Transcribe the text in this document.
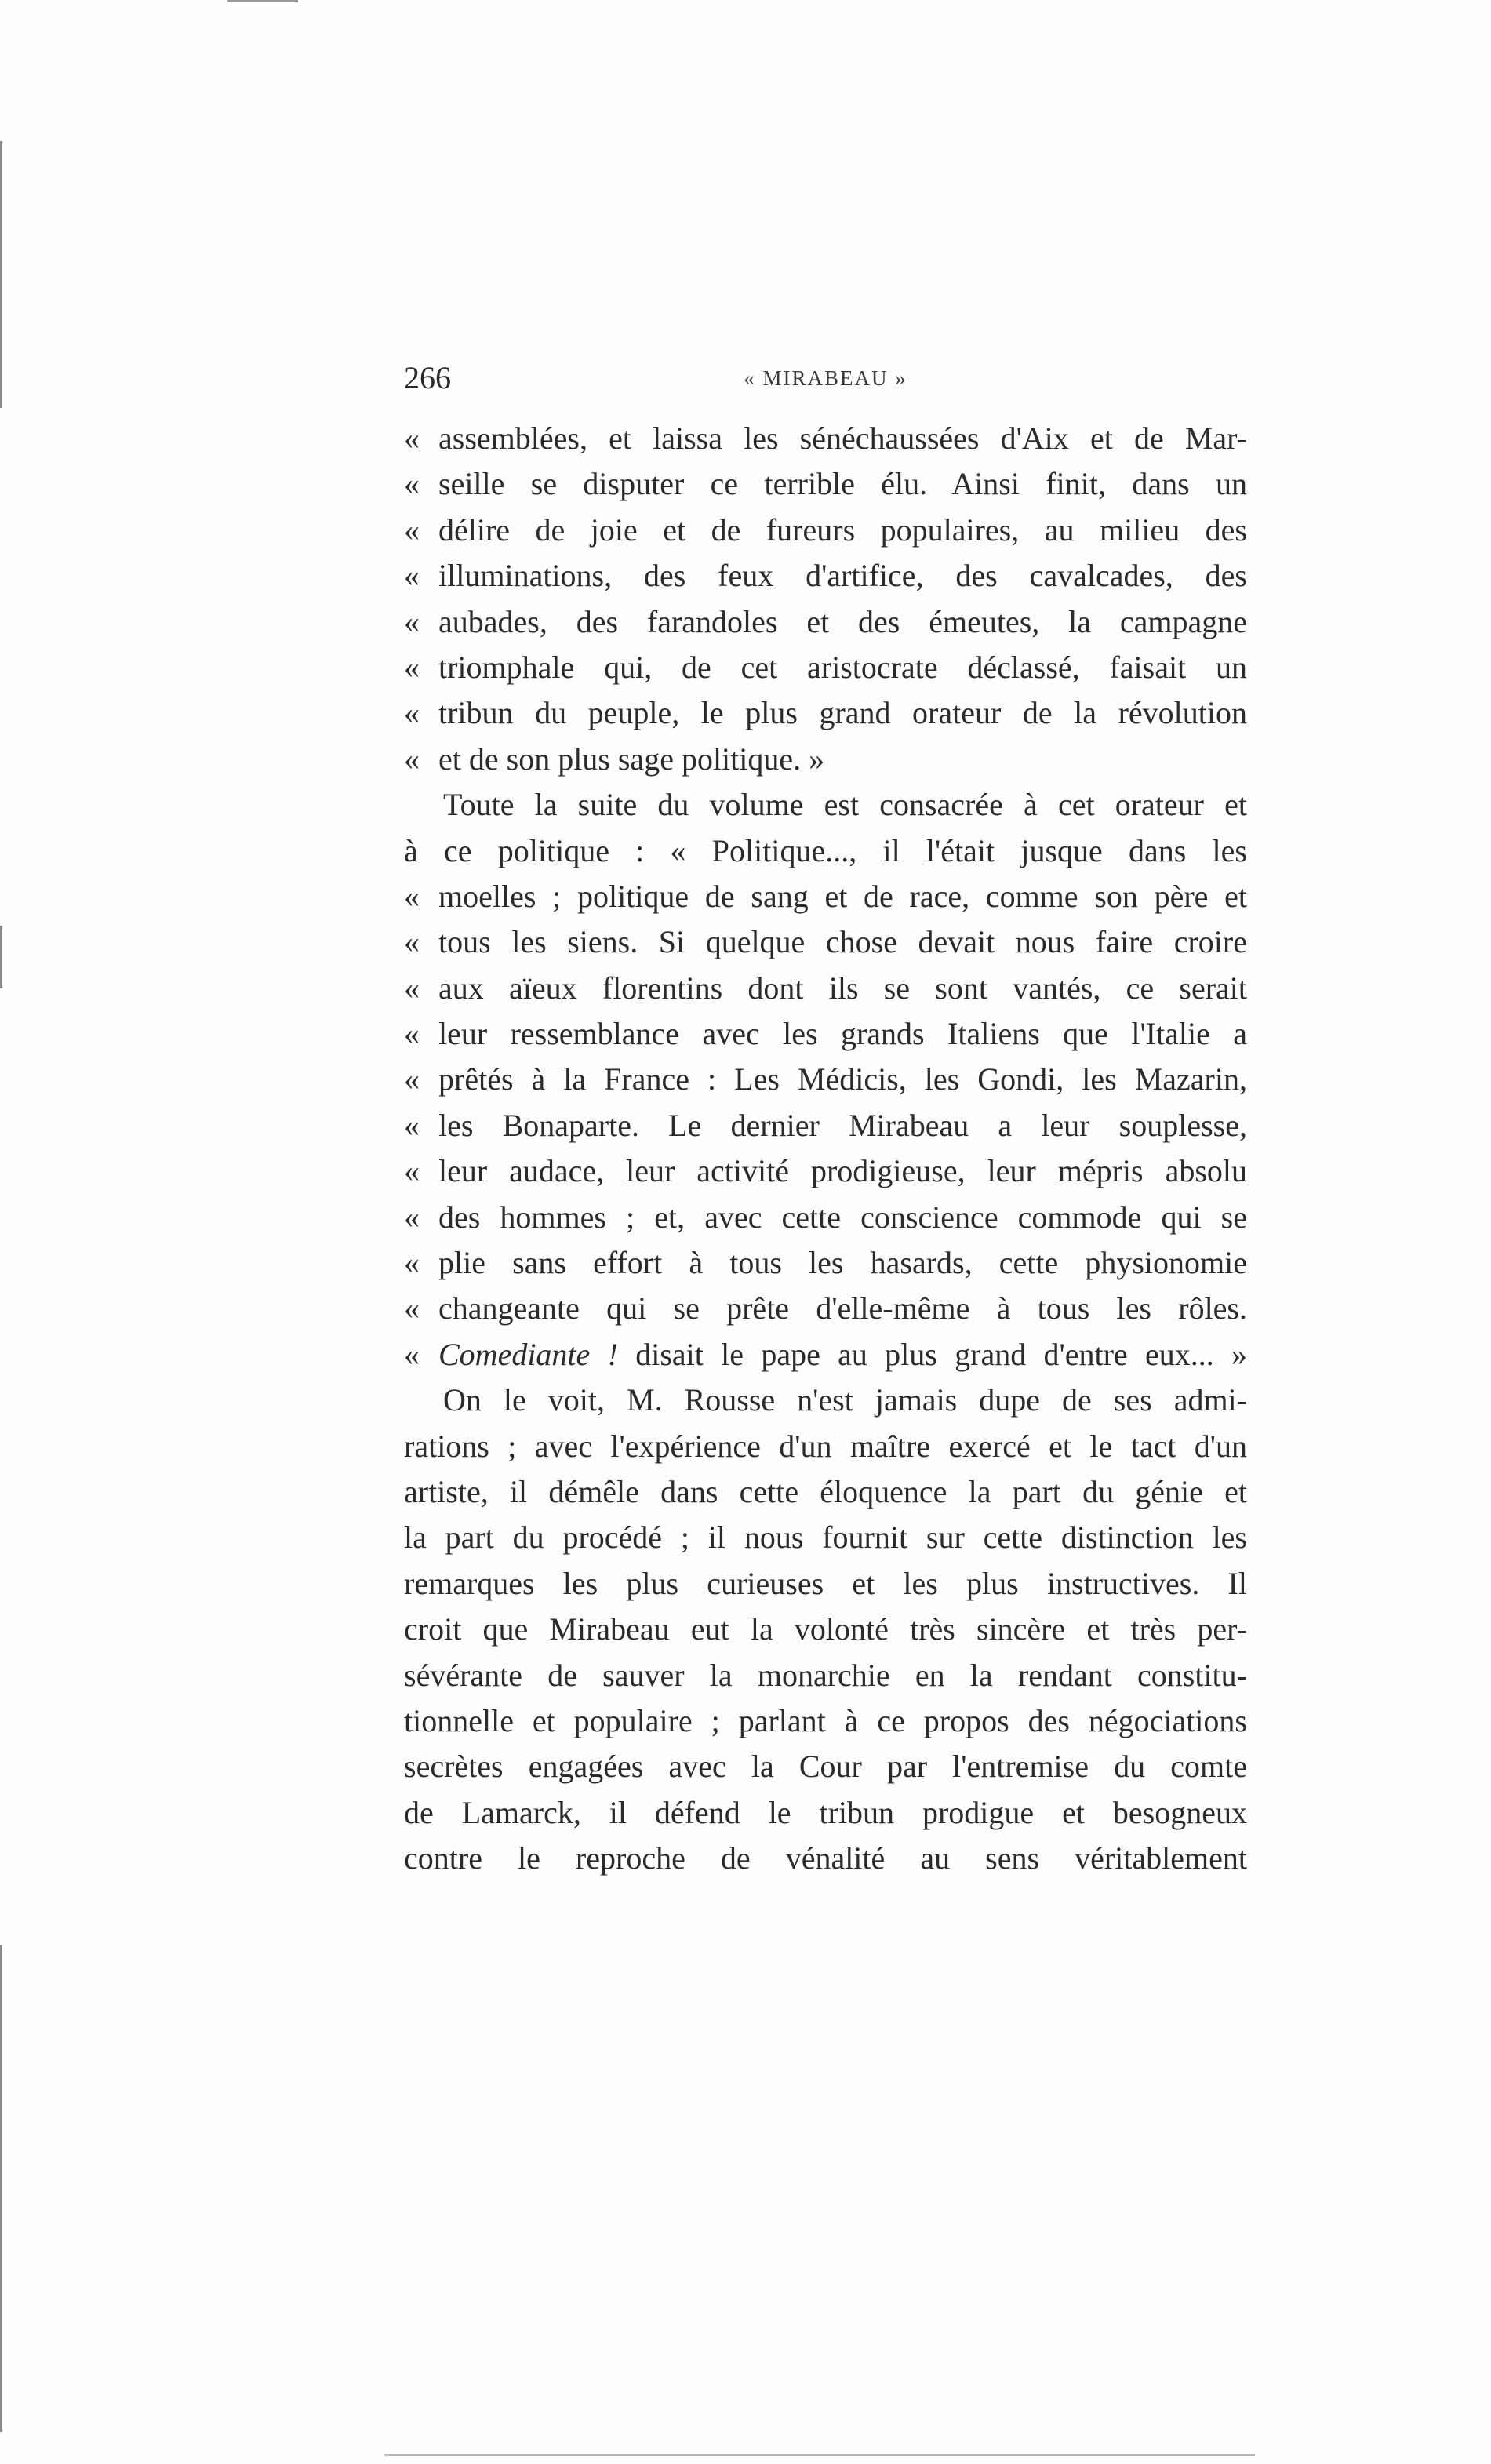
266	« MIRABEAU »
« assemblées, et laissa les sénéchaussées d'Aix et de Mar-
« seille se disputer ce terrible élu. Ainsi finit, dans un
« délire de joie et de fureurs populaires, au milieu des
« illuminations, des feux d'artifice, des cavalcades, des
« aubades, des farandoles et des émeutes, la campagne
« triomphale qui, de cet aristocrate déclassé, faisait un
« tribun du peuple, le plus grand orateur de la révolution
« et de son plus sage politique. »
Toute la suite du volume est consacrée à cet orateur et
à ce politique : « Politique..., il l'était jusque dans les
« moelles ; politique de sang et de race, comme son père et
« tous les siens. Si quelque chose devait nous faire croire
« aux aïeux florentins dont ils se sont vantés, ce serait
« leur ressemblance avec les grands Italiens que l'Italie a
« prêtés à la France : Les Médicis, les Gondi, les Mazarin,
« les Bonaparte. Le dernier Mirabeau a leur souplesse,
« leur audace, leur activité prodigieuse, leur mépris absolu
« des hommes ; et, avec cette conscience commode qui se
« plie sans effort à tous les hasards, cette physionomie
« changeante qui se prête d'elle-même à tous les rôles.
« Comediante ! disait le pape au plus grand d'entre eux... »
On le voit, M. Rousse n'est jamais dupe de ses admi-
rations ; avec l'expérience d'un maître exercé et le tact d'un
artiste, il démêle dans cette éloquence la part du génie et
la part du procédé ; il nous fournit sur cette distinction les
remarques les plus curieuses et les plus instructives. Il
croit que Mirabeau eut la volonté très sincère et très per-
sévérante de sauver la monarchie en la rendant constitu-
tionnelle et populaire ; parlant à ce propos des négociations
secrètes engagées avec la Cour par l'entremise du comte
de Lamarck, il défend le tribun prodigue et besogneux
contre le reproche de vénalité au sens véritablement
